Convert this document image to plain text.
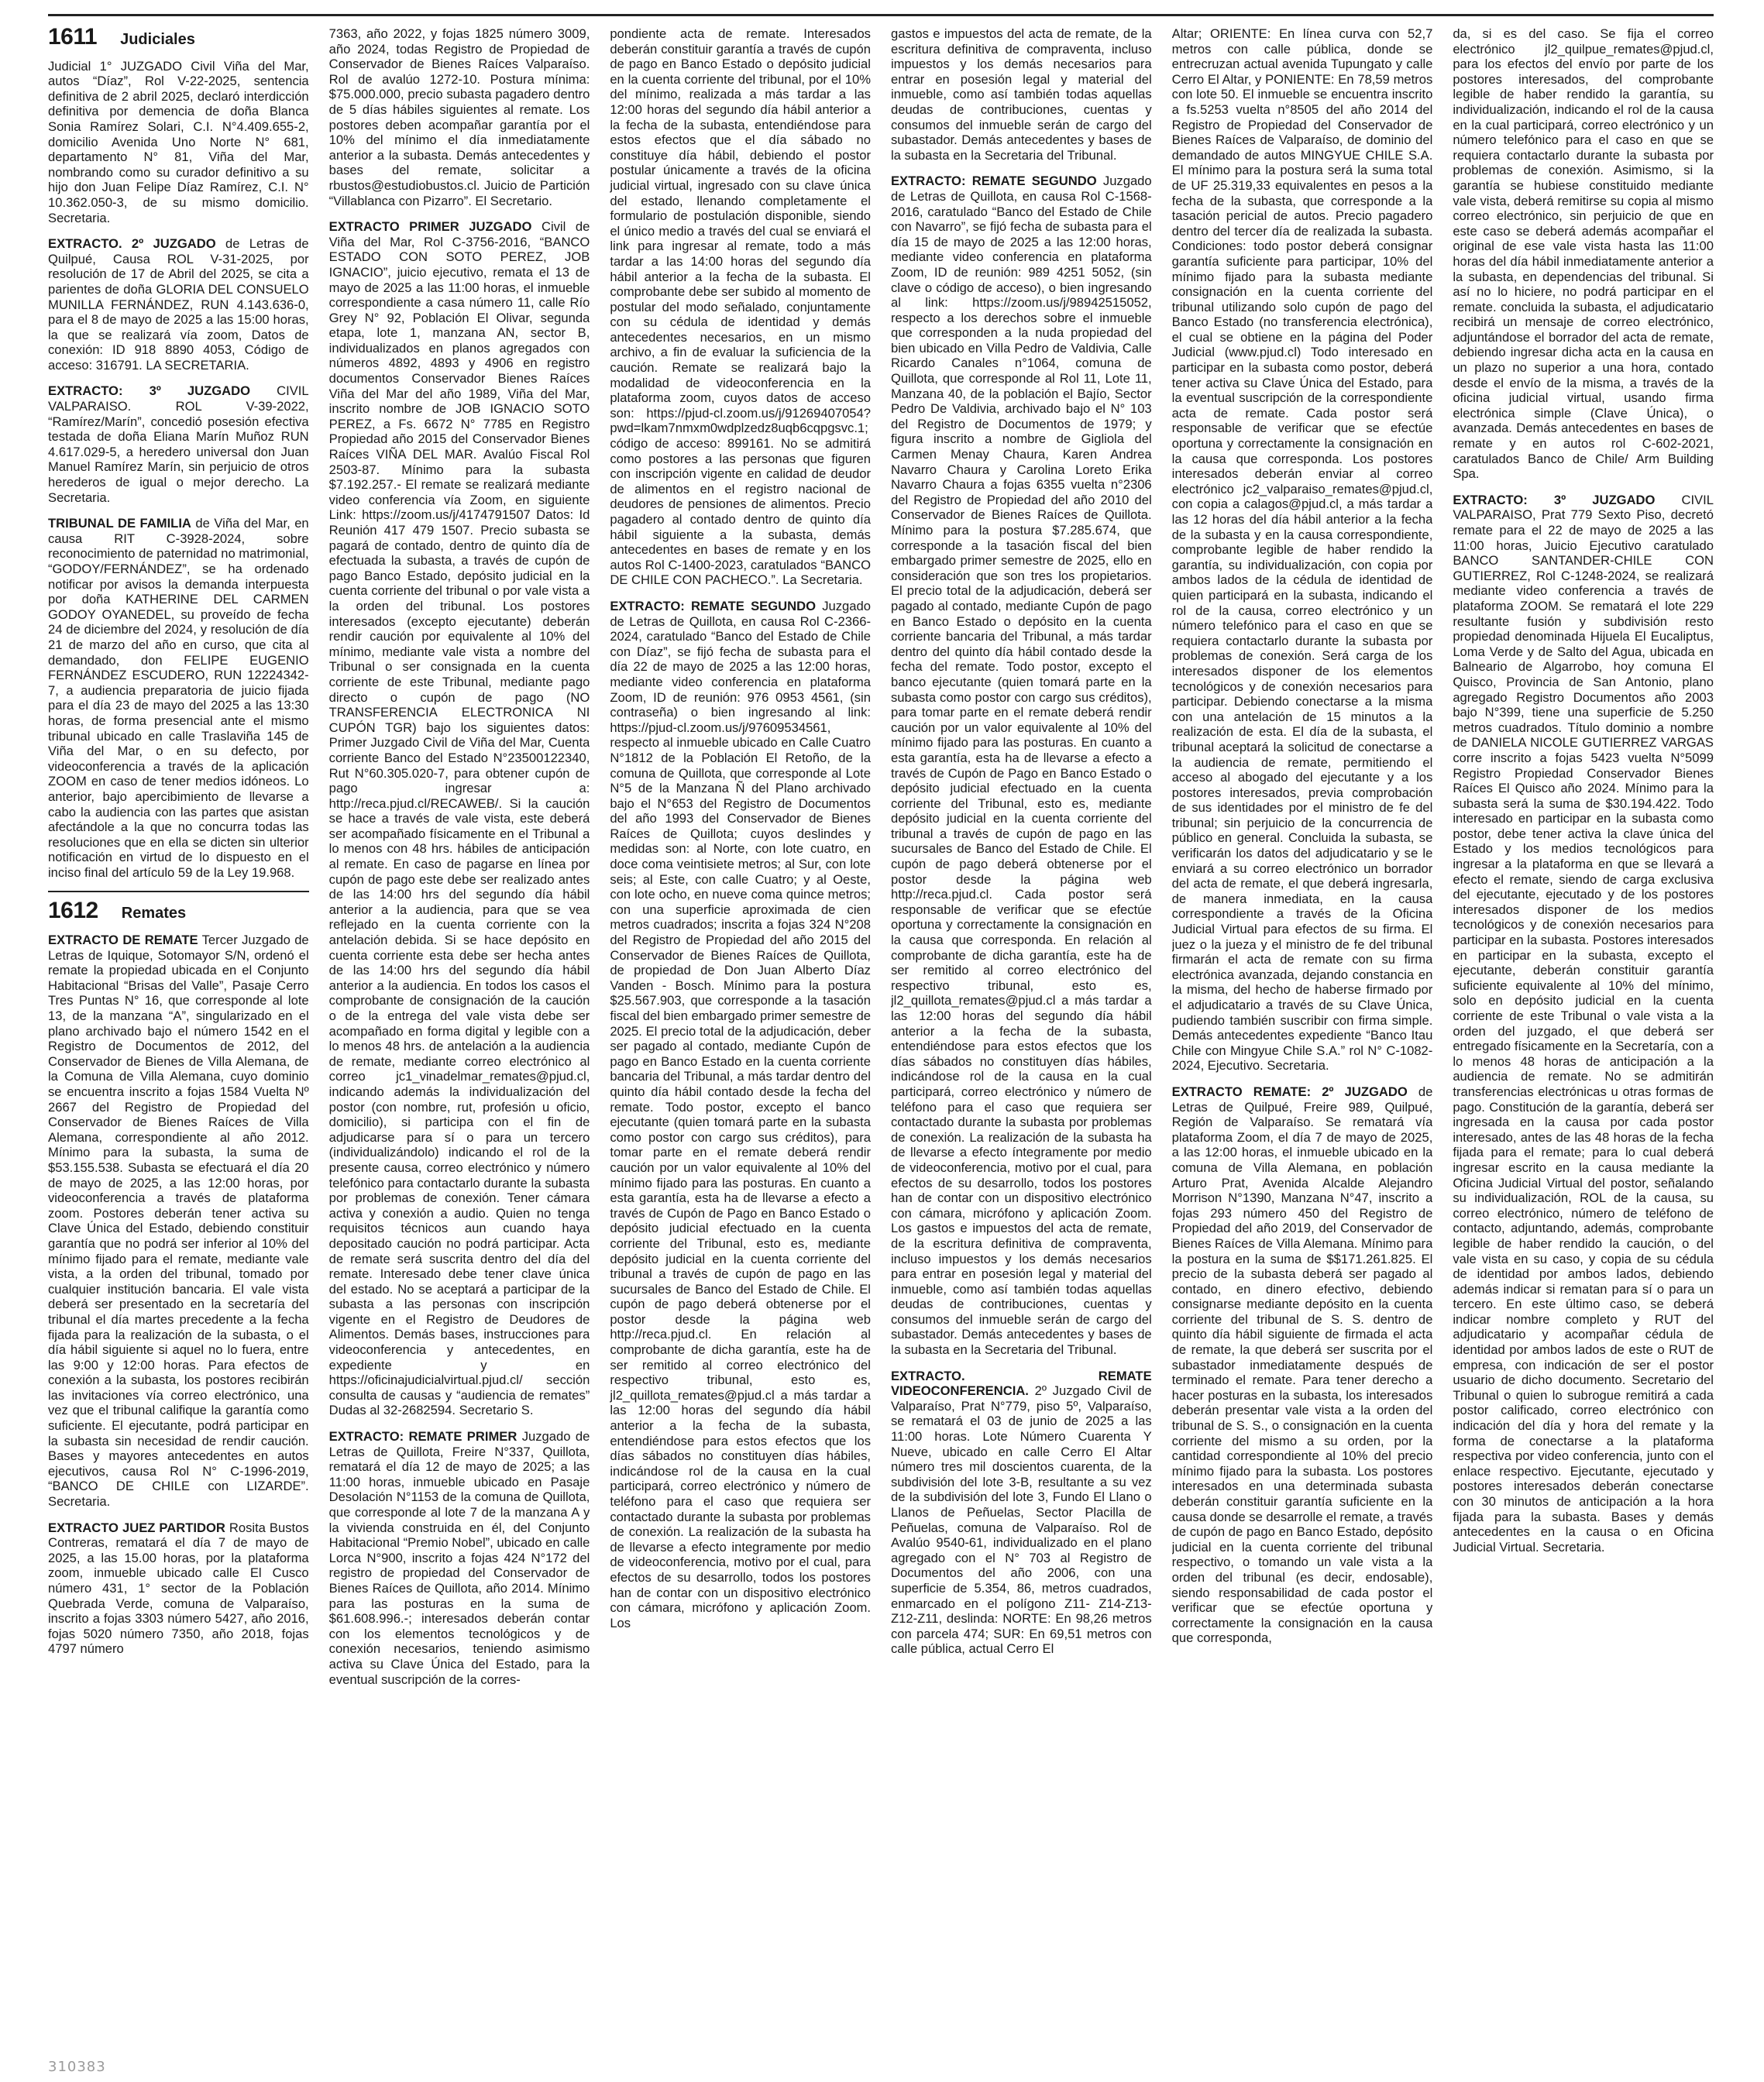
1611 Judiciales

Judicial 1° JUZGADO Civil Viña del Mar, autos “Díaz”, Rol V-22-2025, sentencia definitiva de 2 abril 2025, declaró interdicción definitiva por demencia de doña Blanca Sonia Ramírez Solari, C.I. N°4.409.655-2, domicilio Avenida Uno Norte N° 681, departamento N° 81, Viña del Mar, nombrando como su curador definitivo a su hijo don Juan Felipe Díaz Ramírez, C.I. N° 10.362.050-3, de su mismo domicilio. Secretaria.

EXTRACTO. 2º JUZGADO de Letras de Quilpué, Causa ROL V-31-2025, por resolución de 17 de Abril del 2025, se cita a parientes de doña GLORIA DEL CONSUELO MUNILLA FERNÁNDEZ, RUN 4.143.636-0, para el 8 de mayo de 2025 a las 15:00 horas, la que se realizará vía zoom, Datos de conexión: ID 918 8890 4053, Código de acceso: 316791. LA SECRETARIA.

EXTRACTO: 3º JUZGADO CIVIL VALPARAISO. ROL V-39-2022, “Ramírez/Marín”, concedió posesión efectiva testada de doña Eliana Marín Muñoz RUN 4.617.029-5, a heredero universal don Juan Manuel Ramírez Marín, sin perjuicio de otros herederos de igual o mejor derecho. La Secretaria.

TRIBUNAL DE FAMILIA de Viña del Mar, en causa RIT C-3928-2024, sobre reconocimiento de paternidad no matrimonial, “GODOY/FERNÁNDEZ”, se ha ordenado notificar por avisos la demanda interpuesta por doña KATHERINE DEL CARMEN GODOY OYANEDEL, su proveído de fecha 24 de diciembre del 2024, y resolución de día 21 de marzo del año en curso, que cita al demandado, don FELIPE EUGENIO FERNÁNDEZ ESCUDERO, RUN 12224342-7, a audiencia preparatoria de juicio fijada para el día 23 de mayo del 2025 a las 13:30 horas, de forma presencial ante el mismo tribunal ubicado en calle Traslaviña 145 de Viña del Mar, o en su defecto, por videoconferencia a través de la aplicación ZOOM en caso de tener medios idóneos. Lo anterior, bajo apercibimiento de llevarse a cabo la audiencia con las partes que asistan afectándole a la que no concurra todas las resoluciones que en ella se dicten sin ulterior notificación en virtud de lo dispuesto en el inciso final del artículo 59 de la Ley 19.968.

1612 Remates

EXTRACTO DE REMATE Tercer Juzgado de Letras de Iquique, Sotomayor S/N, ordenó el remate la propiedad ubicada en el Conjunto Habitacional “Brisas del Valle”, Pasaje Cerro Tres Puntas N° 16, que corresponde al lote 13, de la manzana “A”, singularizado en el plano archivado bajo el número 1542 en el Registro de Documentos de 2012, del Conservador de Bienes de Villa Alemana, de la Comuna de Villa Alemana, cuyo dominio se encuentra inscrito a fojas 1584 Vuelta Nº 2667 del Registro de Propiedad del Conservador de Bienes Raíces de Villa Alemana, correspondiente al año 2012. Mínimo para la subasta, la suma de $53.155.538. Subasta se efectuará el día 20 de mayo de 2025, a las 12:00 horas, por videoconferencia a través de plataforma zoom. Postores deberán tener activa su Clave Única del Estado, debiendo constituir garantía que no podrá ser inferior al 10% del mínimo fijado para el remate, mediante vale vista, a la orden del tribunal, tomado por cualquier institución bancaria. El vale vista deberá ser presentado en la secretaría del tribunal el día martes precedente a la fecha fijada para la realización de la subasta, o el día hábil siguiente si aquel no lo fuera, entre las 9:00 y 12:00 horas. Para efectos de conexión a la subasta, los postores recibirán las invitaciones vía correo electrónico, una vez que el tribunal califique la garantía como suficiente. El ejecutante, podrá participar en la subasta sin necesidad de rendir caución. Bases y mayores antecedentes en autos ejecutivos, causa Rol N° C-1996-2019, “BANCO DE CHILE con LIZARDE”. Secretaria.

EXTRACTO JUEZ PARTIDOR Rosita Bustos Contreras, rematará el día 7 de mayo de 2025, a las 15.00 horas, por la plataforma zoom, inmueble ubicado calle El Cusco número 431, 1° sector de la Población Quebrada Verde, comuna de Valparaíso, inscrito a fojas 3303 número 5427, año 2016, fojas 5020 número 7350, año 2018, fojas 4797 número

7363, año 2022, y fojas 1825 número 3009, año 2024, todas Registro de Propiedad de Conservador de Bienes Raíces Valparaíso. Rol de avalúo 1272-10. Postura mínima: $75.000.000, precio subasta pagadero dentro de 5 días hábiles siguientes al remate. Los postores deben acompañar garantía por el 10% del mínimo el día inmediatamente anterior a la subasta. Demás antecedentes y bases del remate, solicitar a rbustos@estudiobustos.cl. Juicio de Partición “Villablanca con Pizarro”. El Secretario.

EXTRACTO PRIMER JUZGADO Civil de Viña del Mar, Rol C-3756-2016, “BANCO ESTADO CON SOTO PEREZ, JOB IGNACIO”, juicio ejecutivo, remata el 13 de mayo de 2025 a las 11:00 horas, el inmueble correspondiente a casa número 11, calle Río Grey N° 92, Población El Olivar, segunda etapa, lote 1, manzana AN, sector B, individualizados en planos agregados con números 4892, 4893 y 4906 en registro documentos Conservador Bienes Raíces Viña del Mar del año 1989, Viña del Mar, inscrito nombre de JOB IGNACIO SOTO PEREZ, a Fs. 6672 N° 7785 en Registro Propiedad año 2015 del Conservador Bienes Raíces VIÑA DEL MAR. Avalúo Fiscal Rol 2503-87. Mínimo para la subasta $7.192.257.- El remate se realizará mediante video conferencia vía Zoom, en siguiente Link: https://zoom.us/j/4174791507 Datos: Id Reunión 417 479 1507. Precio subasta se pagará de contado, dentro de quinto día de efectuada la subasta, a través de cupón de pago Banco Estado, depósito judicial en la cuenta corriente del tribunal o por vale vista a la orden del tribunal. Los postores interesados (excepto ejecutante) deberán rendir caución por equivalente al 10% del mínimo, mediante vale vista a nombre del Tribunal o ser consignada en la cuenta corriente de este Tribunal, mediante pago directo o cupón de pago (NO TRANSFERENCIA ELECTRONICA NI CUPÓN TGR) bajo los siguientes datos: Primer Juzgado Civil de Viña del Mar, Cuenta corriente Banco del Estado N°23500122340, Rut N°60.305.020-7, para obtener cupón de pago ingresar a: http://reca.pjud.cl/RECAWEB/. Si la caución se hace a través de vale vista, este deberá ser acompañado físicamente en el Tribunal a lo menos con 48 hrs. hábiles de anticipación al remate. En caso de pagarse en línea por cupón de pago este debe ser realizado antes de las 14:00 hrs del segundo día hábil anterior a la audiencia, para que se vea reflejado en la cuenta corriente con la antelación debida. Si se hace depósito en cuenta corriente esta debe ser hecha antes de las 14:00 hrs del segundo día hábil anterior a la audiencia. En todos los casos el comprobante de consignación de la caución o de la entrega del vale vista debe ser acompañado en forma digital y legible con a lo menos 48 hrs. de antelación a la audiencia de remate, mediante correo electrónico al correo jc1_vinadelmar_remates@pjud.cl, indicando además la individualización del postor (con nombre, rut, profesión u oficio, domicilio), si participa con el fin de adjudicarse para sí o para un tercero (individualizándolo) indicando el rol de la presente causa, correo electrónico y número telefónico para contactarlo durante la subasta por problemas de conexión. Tener cámara activa y conexión a audio. Quien no tenga requisitos técnicos aun cuando haya depositado caución no podrá participar. Acta de remate será suscrita dentro del día del remate. Interesado debe tener clave única del estado. No se aceptará a participar de la subasta a las personas con inscripción vigente en el Registro de Deudores de Alimentos. Demás bases, instrucciones para videoconferencia y antecedentes, en expediente y en https://oficinajudicialvirtual.pjud.cl/ sección consulta de causas y “audiencia de remates” Dudas al 32-2682594. Secretario S.

EXTRACTO: REMATE PRIMER Juzgado de Letras de Quillota, Freire N°337, Quillota, rematará el día 12 de mayo de 2025; a las 11:00 horas, inmueble ubicado en Pasaje Desolación N°1153 de la comuna de Quillota, que corresponde al lote 7 de la manzana A y la vivienda construida en él, del Conjunto Habitacional “Premio Nobel”, ubicado en calle Lorca N°900, inscrito a fojas 424 N°172 del registro de propiedad del Conservador de Bienes Raíces de Quillota, año 2014. Mínimo para las posturas en la suma de $61.608.996.-; interesados deberán contar con los elementos tecnológicos y de conexión necesarios, teniendo asimismo activa su Clave Única del Estado, para la eventual suscripción de la corres-

pondiente acta de remate. Interesados deberán constituir garantía a través de cupón de pago en Banco Estado o depósito judicial en la cuenta corriente del tribunal, por el 10% del mínimo, realizada a más tardar a las 12:00 horas del segundo día hábil anterior a la fecha de la subasta, entendiéndose para estos efectos que el día sábado no constituye día hábil, debiendo el postor postular únicamente a través de la oficina judicial virtual, ingresado con su clave única del estado, llenando completamente el formulario de postulación disponible, siendo el único medio a través del cual se enviará el link para ingresar al remate, todo a más tardar a las 14:00 horas del segundo día hábil anterior a la fecha de la subasta. El comprobante debe ser subido al momento de postular del modo señalado, conjuntamente con su cédula de identidad y demás antecedentes necesarios, en un mismo archivo, a fin de evaluar la suficiencia de la caución. Remate se realizará bajo la modalidad de videoconferencia en la plataforma zoom, cuyos datos de acceso son: https://pjud-cl.zoom.us/j/91269407054?pwd=lkam7nmxm0wdplzedz8uqb6cqpgsvc.1; código de acceso: 899161. No se admitirá como postores a las personas que figuren con inscripción vigente en calidad de deudor de alimentos en el registro nacional de deudores de pensiones de alimentos. Precio pagadero al contado dentro de quinto día hábil siguiente a la subasta, demás antecedentes en bases de remate y en los autos Rol C-1400-2023, caratulados “BANCO DE CHILE CON PACHECO.”. La Secretaria.

EXTRACTO: REMATE SEGUNDO Juzgado de Letras de Quillota, en causa Rol C-2366-2024, caratulado “Banco del Estado de Chile con Díaz”, se fijó fecha de subasta para el día 22 de mayo de 2025 a las 12:00 horas, mediante video conferencia en plataforma Zoom, ID de reunión: 976 0953 4561, (sin contraseña) o bien ingresando al link: https://pjud-cl.zoom.us/j/97609534561, respecto al inmueble ubicado en Calle Cuatro N°1812 de la Población El Retoño, de la comuna de Quillota, que corresponde al Lote N°5 de la Manzana Ñ del Plano archivado bajo el N°653 del Registro de Documentos del año 1993 del Conservador de Bienes Raíces de Quillota; cuyos deslindes y medidas son: al Norte, con lote cuatro, en doce coma veintisiete metros; al Sur, con lote seis; al Este, con calle Cuatro; y al Oeste, con lote ocho, en nueve coma quince metros; con una superficie aproximada de cien metros cuadrados; inscrita a fojas 324 N°208 del Registro de Propiedad del año 2015 del Conservador de Bienes Raíces de Quillota, de propiedad de Don Juan Alberto Díaz Vanden - Bosch. Mínimo para la postura $25.567.903, que corresponde a la tasación fiscal del bien embargado primer semestre de 2025. El precio total de la adjudicación, deber ser pagado al contado, mediante Cupón de pago en Banco Estado en la cuenta corriente bancaria del Tribunal, a más tardar dentro del quinto día hábil contado desde la fecha del remate. Todo postor, excepto el banco ejecutante (quien tomará parte en la subasta como postor con cargo sus créditos), para tomar parte en el remate deberá rendir caución por un valor equivalente al 10% del mínimo fijado para las posturas. En cuanto a esta garantía, esta ha de llevarse a efecto a través de Cupón de Pago en Banco Estado o depósito judicial efectuado en la cuenta corriente del Tribunal, esto es, mediante depósito judicial en la cuenta corriente del tribunal a través de cupón de pago en las sucursales de Banco del Estado de Chile. El cupón de pago deberá obtenerse por el postor desde la página web http://reca.pjud.cl. En relación al comprobante de dicha garantía, este ha de ser remitido al correo electrónico del respectivo tribunal, esto es, jl2_quillota_remates@pjud.cl a más tardar a las 12:00 horas del segundo día hábil anterior a la fecha de la subasta, entendiéndose para estos efectos que los días sábados no constituyen días hábiles, indicándose rol de la causa en la cual participará, correo electrónico y número de teléfono para el caso que requiera ser contactado durante la subasta por problemas de conexión. La realización de la subasta ha de llevarse a efecto integramente por medio de videoconferencia, motivo por el cual, para efectos de su desarrollo, todos los postores han de contar con un dispositivo electrónico con cámara, micrófono y aplicación Zoom. Los

gastos e impuestos del acta de remate, de la escritura definitiva de compraventa, incluso impuestos y los demás necesarios para entrar en posesión legal y material del inmueble, como así también todas aquellas deudas de contribuciones, cuentas y consumos del inmueble serán de cargo del subastador. Demás antecedentes y bases de la subasta en la Secretaria del Tribunal.

EXTRACTO: REMATE SEGUNDO Juzgado de Letras de Quillota, en causa Rol C-1568-2016, caratulado “Banco del Estado de Chile con Navarro”, se fijó fecha de subasta para el día 15 de mayo de 2025 a las 12:00 horas, mediante video conferencia en plataforma Zoom, ID de reunión: 989 4251 5052, (sin clave o código de acceso), o bien ingresando al link: https://zoom.us/j/98942515052, respecto a los derechos sobre el inmueble que corresponden a la nuda propiedad del bien ubicado en Villa Pedro de Valdivia, Calle Ricardo Canales n°1064, comuna de Quillota, que corresponde al Rol 11, Lote 11, Manzana 40, de la población el Bajío, Sector Pedro De Valdivia, archivado bajo el N° 103 del Registro de Documentos de 1979; y figura inscrito a nombre de Gigliola del Carmen Menay Chaura, Karen Andrea Navarro Chaura y Carolina Loreto Erika Navarro Chaura a fojas 6355 vuelta n°2306 del Registro de Propiedad del año 2010 del Conservador de Bienes Raíces de Quillota. Mínimo para la postura $7.285.674, que corresponde a la tasación fiscal del bien embargado primer semestre de 2025, ello en consideración que son tres los propietarios. El precio total de la adjudicación, deberá ser pagado al contado, mediante Cupón de pago en Banco Estado o depósito en la cuenta corriente bancaria del Tribunal, a más tardar dentro del quinto día hábil contado desde la fecha del remate. Todo postor, excepto el banco ejecutante (quien tomará parte en la subasta como postor con cargo sus créditos), para tomar parte en el remate deberá rendir caución por un valor equivalente al 10% del mínimo fijado para las posturas. En cuanto a esta garantía, esta ha de llevarse a efecto a través de Cupón de Pago en Banco Estado o depósito judicial efectuado en la cuenta corriente del Tribunal, esto es, mediante depósito judicial en la cuenta corriente del tribunal a través de cupón de pago en las sucursales de Banco del Estado de Chile. El cupón de pago deberá obtenerse por el postor desde la página web http://reca.pjud.cl. Cada postor será responsable de verificar que se efectúe oportuna y correctamente la consignación en la causa que corresponda. En relación al comprobante de dicha garantía, este ha de ser remitido al correo electrónico del respectivo tribunal, esto es, jl2_quillota_remates@pjud.cl a más tardar a las 12:00 horas del segundo día hábil anterior a la fecha de la subasta, entendiéndose para estos efectos que los días sábados no constituyen días hábiles, indicándose rol de la causa en la cual participará, correo electrónico y número de teléfono para el caso que requiera ser contactado durante la subasta por problemas de conexión. La realización de la subasta ha de llevarse a efecto íntegramente por medio de videoconferencia, motivo por el cual, para efectos de su desarrollo, todos los postores han de contar con un dispositivo electrónico con cámara, micrófono y aplicación Zoom. Los gastos e impuestos del acta de remate, de la escritura definitiva de compraventa, incluso impuestos y los demás necesarios para entrar en posesión legal y material del inmueble, como así también todas aquellas deudas de contribuciones, cuentas y consumos del inmueble serán de cargo del subastador. Demás antecedentes y bases de la subasta en la Secretaria del Tribunal.

EXTRACTO. REMATE VIDEOCONFERENCIA. 2º Juzgado Civil de Valparaíso, Prat N°779, piso 5º, Valparaíso, se rematará el 03 de junio de 2025 a las 11:00 horas. Lote Número Cuarenta Y Nueve, ubicado en calle Cerro El Altar número tres mil doscientos cuarenta, de la subdivisión del lote 3-B, resultante a su vez de la subdivisión del lote 3, Fundo El Llano o Llanos de Peñuelas, Sector Placilla de Peñuelas, comuna de Valparaíso. Rol de Avalúo 9540-61, individualizado en el plano agregado con el N° 703 al Registro de Documentos del año 2006, con una superficie de 5.354, 86, metros cuadrados, enmarcado en el polígono Z11- Z14-Z13- Z12-Z11, deslinda: NORTE: En 98,26 metros con parcela 474; SUR: En 69,51 metros con calle pública, actual Cerro El

Altar; ORIENTE: En línea curva con 52,7 metros con calle pública, donde se entrecruzan actual avenida Tupungato y calle Cerro El Altar, y PONIENTE: En 78,59 metros con lote 50. El inmueble se encuentra inscrito a fs.5253 vuelta n°8505 del año 2014 del Registro de Propiedad del Conservador de Bienes Raíces de Valparaíso, de dominio del demandado de autos MINGYUE CHILE S.A. El mínimo para la postura será la suma total de UF 25.319,33 equivalentes en pesos a la fecha de la subasta, que corresponde a la tasación pericial de autos. Precio pagadero dentro del tercer día de realizada la subasta. Condiciones: todo postor deberá consignar garantía suficiente para participar, 10% del mínimo fijado para la subasta mediante consignación en la cuenta corriente del tribunal utilizando solo cupón de pago del Banco Estado (no transferencia electrónica), el cual se obtiene en la página del Poder Judicial (www.pjud.cl) Todo interesado en participar en la subasta como postor, deberá tener activa su Clave Única del Estado, para la eventual suscripción de la correspondiente acta de remate. Cada postor será responsable de verificar que se efectúe oportuna y correctamente la consignación en la causa que corresponda. Los postores interesados deberán enviar al correo electrónico jc2_valparaiso_remates@pjud.cl, con copia a calagos@pjud.cl, a más tardar a las 12 horas del día hábil anterior a la fecha de la subasta y en la causa correspondiente, comprobante legible de haber rendido la garantía, su individualización, con copia por ambos lados de la cédula de identidad de quien participará en la subasta, indicando el rol de la causa, correo electrónico y un número telefónico para el caso en que se requiera contactarlo durante la subasta por problemas de conexión. Será carga de los interesados disponer de los elementos tecnológicos y de conexión necesarios para participar. Debiendo conectarse a la misma con una antelación de 15 minutos a la realización de esta. El día de la subasta, el tribunal aceptará la solicitud de conectarse a la audiencia de remate, permitiendo el acceso al abogado del ejecutante y a los postores interesados, previa comprobación de sus identidades por el ministro de fe del tribunal; sin perjuicio de la concurrencia de público en general. Concluida la subasta, se verificarán los datos del adjudicatario y se le enviará a su correo electrónico un borrador del acta de remate, el que deberá ingresarla, de manera inmediata, en la causa correspondiente a través de la Oficina Judicial Virtual para efectos de su firma. El juez o la jueza y el ministro de fe del tribunal firmarán el acta de remate con su firma electrónica avanzada, dejando constancia en la misma, del hecho de haberse firmado por el adjudicatario a través de su Clave Única, pudiendo también suscribir con firma simple. Demás antecedentes expediente “Banco Itau Chile con Mingyue Chile S.A.” rol N° C-1082-2024, Ejecutivo. Secretaria.

EXTRACTO REMATE: 2º JUZGADO de Letras de Quilpué, Freire 989, Quilpué, Región de Valparaíso. Se rematará vía plataforma Zoom, el día 7 de mayo de 2025, a las 12:00 horas, el inmueble ubicado en la comuna de Villa Alemana, en población Arturo Prat, Avenida Alcalde Alejandro Morrison N°1390, Manzana N°47, inscrito a fojas 293 número 450 del Registro de Propiedad del año 2019, del Conservador de Bienes Raíces de Villa Alemana. Mínimo para la postura en la suma de $$171.261.825. El precio de la subasta deberá ser pagado al contado, en dinero efectivo, debiendo consignarse mediante depósito en la cuenta corriente del tribunal de S. S. dentro de quinto día hábil siguiente de firmada el acta de remate, la que deberá ser suscrita por el subastador inmediatamente después de terminado el remate. Para tener derecho a hacer posturas en la subasta, los interesados deberán presentar vale vista a la orden del tribunal de S. S., o consignación en la cuenta corriente del mismo a su orden, por la cantidad correspondiente al 10% del precio mínimo fijado para la subasta. Los postores interesados en una determinada subasta deberán constituir garantía suficiente en la causa donde se desarrolle el remate, a través de cupón de pago en Banco Estado, depósito judicial en la cuenta corriente del tribunal respectivo, o tomando un vale vista a la orden del tribunal (es decir, endosable), siendo responsabilidad de cada postor el verificar que se efectúe oportuna y correctamente la consignación en la causa que corresponda,

da, si es del caso. Se fija el correo electrónico jl2_quilpue_remates@pjud.cl, para los efectos del envío por parte de los postores interesados, del comprobante legible de haber rendido la garantía, su individualización, indicando el rol de la causa en la cual participará, correo electrónico y un número telefónico para el caso en que se requiera contactarlo durante la subasta por problemas de conexión. Asimismo, si la garantía se hubiese constituido mediante vale vista, deberá remitirse su copia al mismo correo electrónico, sin perjuicio de que en este caso se deberá además acompañar el original de ese vale vista hasta las 11:00 horas del día hábil inmediatamente anterior a la subasta, en dependencias del tribunal. Si así no lo hiciere, no podrá participar en el remate. concluida la subasta, el adjudicatario recibirá un mensaje de correo electrónico, adjuntándose el borrador del acta de remate, debiendo ingresar dicha acta en la causa en un plazo no superior a una hora, contado desde el envío de la misma, a través de la oficina judicial virtual, usando firma electrónica simple (Clave Única), o avanzada. Demás antecedentes en bases de remate y en autos rol C-602-2021, caratulados Banco de Chile/ Arm Building Spa.

EXTRACTO: 3º JUZGADO CIVIL VALPARAISO, Prat 779 Sexto Piso, decretó remate para el 22 de mayo de 2025 a las 11:00 horas, Juicio Ejecutivo caratulado BANCO SANTANDER-CHILE CON GUTIERREZ, Rol C-1248-2024, se realizará mediante video conferencia a través de plataforma ZOOM. Se rematará el lote 229 resultante fusión y subdivisión resto propiedad denominada Hijuela El Eucaliptus, Loma Verde y de Salto del Agua, ubicada en Balneario de Algarrobo, hoy comuna El Quisco, Provincia de San Antonio, plano agregado Registro Documentos año 2003 bajo N°399, tiene una superficie de 5.250 metros cuadrados. Título dominio a nombre de DANIELA NICOLE GUTIERREZ VARGAS corre inscrito a fojas 5423 vuelta N°5099 Registro Propiedad Conservador Bienes Raíces El Quisco año 2024. Mínimo para la subasta será la suma de $30.194.422. Todo interesado en participar en la subasta como postor, debe tener activa la clave única del Estado y los medios tecnológicos para ingresar a la plataforma en que se llevará a efecto el remate, siendo de carga exclusiva del ejecutante, ejecutado y de los postores interesados disponer de los medios tecnológicos y de conexión necesarios para participar en la subasta. Postores interesados en participar en la subasta, excepto el ejecutante, deberán constituir garantía suficiente equivalente al 10% del mínimo, solo en depósito judicial en la cuenta corriente de este Tribunal o vale vista a la orden del juzgado, el que deberá ser entregado físicamente en la Secretaría, con a lo menos 48 horas de anticipación a la audiencia de remate. No se admitirán transferencias electrónicas u otras formas de pago. Constitución de la garantía, deberá ser ingresada en la causa por cada postor interesado, antes de las 48 horas de la fecha fijada para el remate; para lo cual deberá ingresar escrito en la causa mediante la Oficina Judicial Virtual del postor, señalando su individualización, ROL de la causa, su correo electrónico, número de teléfono de contacto, adjuntando, además, comprobante legible de haber rendido la caución, o del vale vista en su caso, y copia de su cédula de identidad por ambos lados, debiendo además indicar si rematan para sí o para un tercero. En este último caso, se deberá indicar nombre completo y RUT del adjudicatario y acompañar cédula de identidad por ambos lados de este o RUT de empresa, con indicación de ser el postor usuario de dicho documento. Secretario del Tribunal o quien lo subrogue remitirá a cada postor calificado, correo electrónico con indicación del día y hora del remate y la forma de conectarse a la plataforma respectiva por video conferencia, junto con el enlace respectivo. Ejecutante, ejecutado y postores interesados deberán conectarse con 30 minutos de anticipación a la hora fijada para la subasta. Bases y demás antecedentes en la causa o en Oficina Judicial Virtual. Secretaria.

310383
